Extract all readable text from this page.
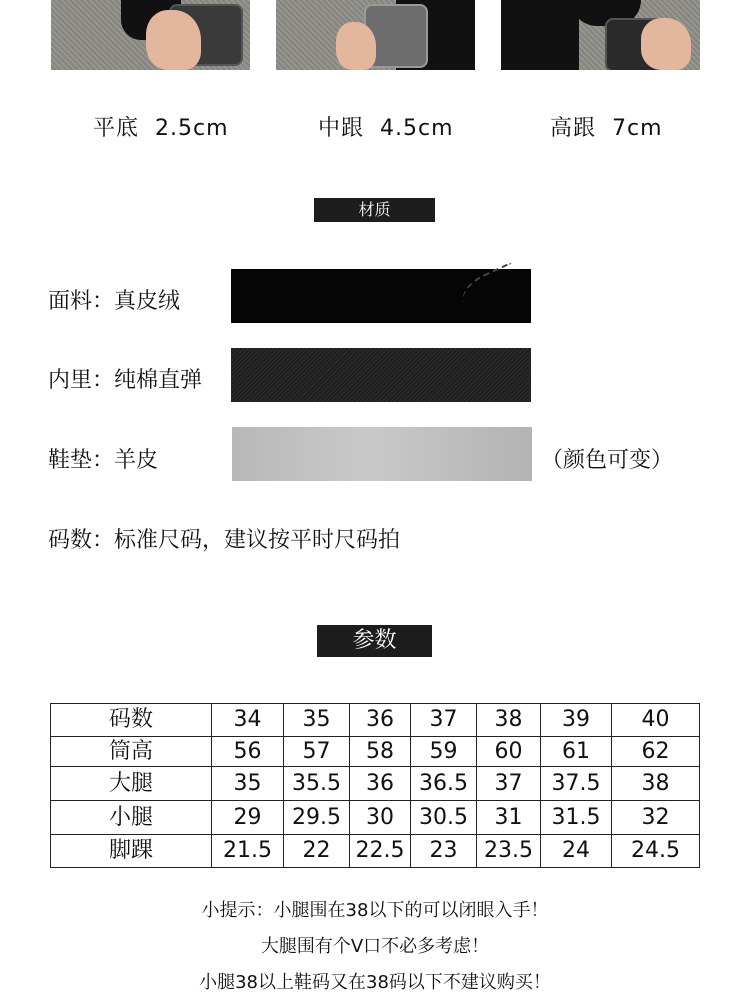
平底 2.5cm	中跟 4.5cm	高跟 7cm

材质
面料：真皮绒
内里：纯棉直弹
鞋垫：羊皮	（颜色可变）
码数：标准尺码，建议按平时尺码拍
参数
码数	34	35	36	37	38	39	40
筒高	56	57	58	59	60	61	62
大腿	35	35.5	36	36.5	37	37.5	38
小腿	29	29.5	30	30.5	31	31.5	32
脚踝	21.5	22	22.5	23	23.5	24	24.5
小提示：小腿围在38以下的可以闭眼入手！
大腿围有个V口不必多考虑！
小腿38以上鞋码又在38码以下不建议购买！
